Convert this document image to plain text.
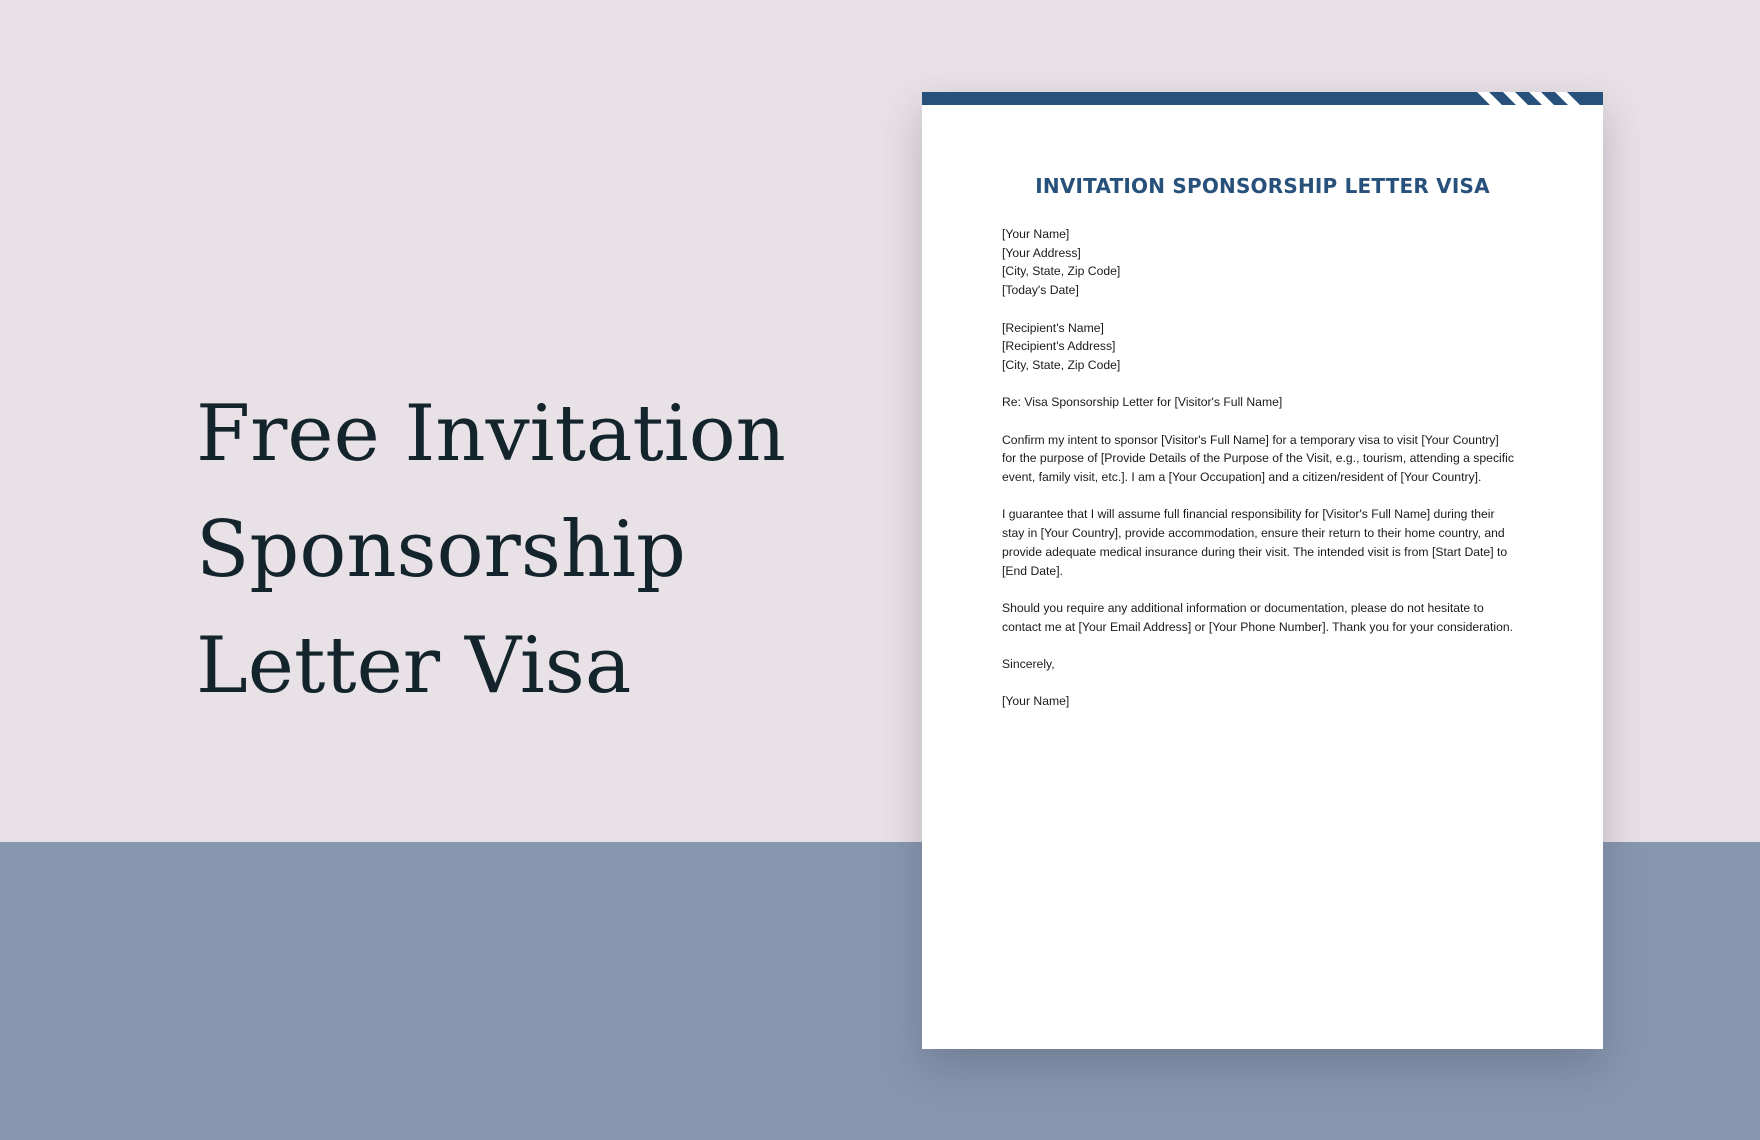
Free Invitation
Sponsorship
Letter Visa
INVITATION SPONSORSHIP LETTER VISA
[Your Name]
[Your Address]
[City, State, Zip Code]
[Today's Date]
[Recipient's Name]
[Recipient's Address]
[City, State, Zip Code]
Re: Visa Sponsorship Letter for [Visitor's Full Name]
Confirm my intent to sponsor [Visitor's Full Name] for a temporary visa to visit [Your Country]
for the purpose of [Provide Details of the Purpose of the Visit, e.g., tourism, attending a specific
event, family visit, etc.]. I am a [Your Occupation] and a citizen/resident of [Your Country].
I guarantee that I will assume full financial responsibility for [Visitor's Full Name] during their
stay in [Your Country], provide accommodation, ensure their return to their home country, and
provide adequate medical insurance during their visit. The intended visit is from [Start Date] to
[End Date].
Should you require any additional information or documentation, please do not hesitate to
contact me at [Your Email Address] or [Your Phone Number]. Thank you for your consideration.
Sincerely,
[Your Name]
